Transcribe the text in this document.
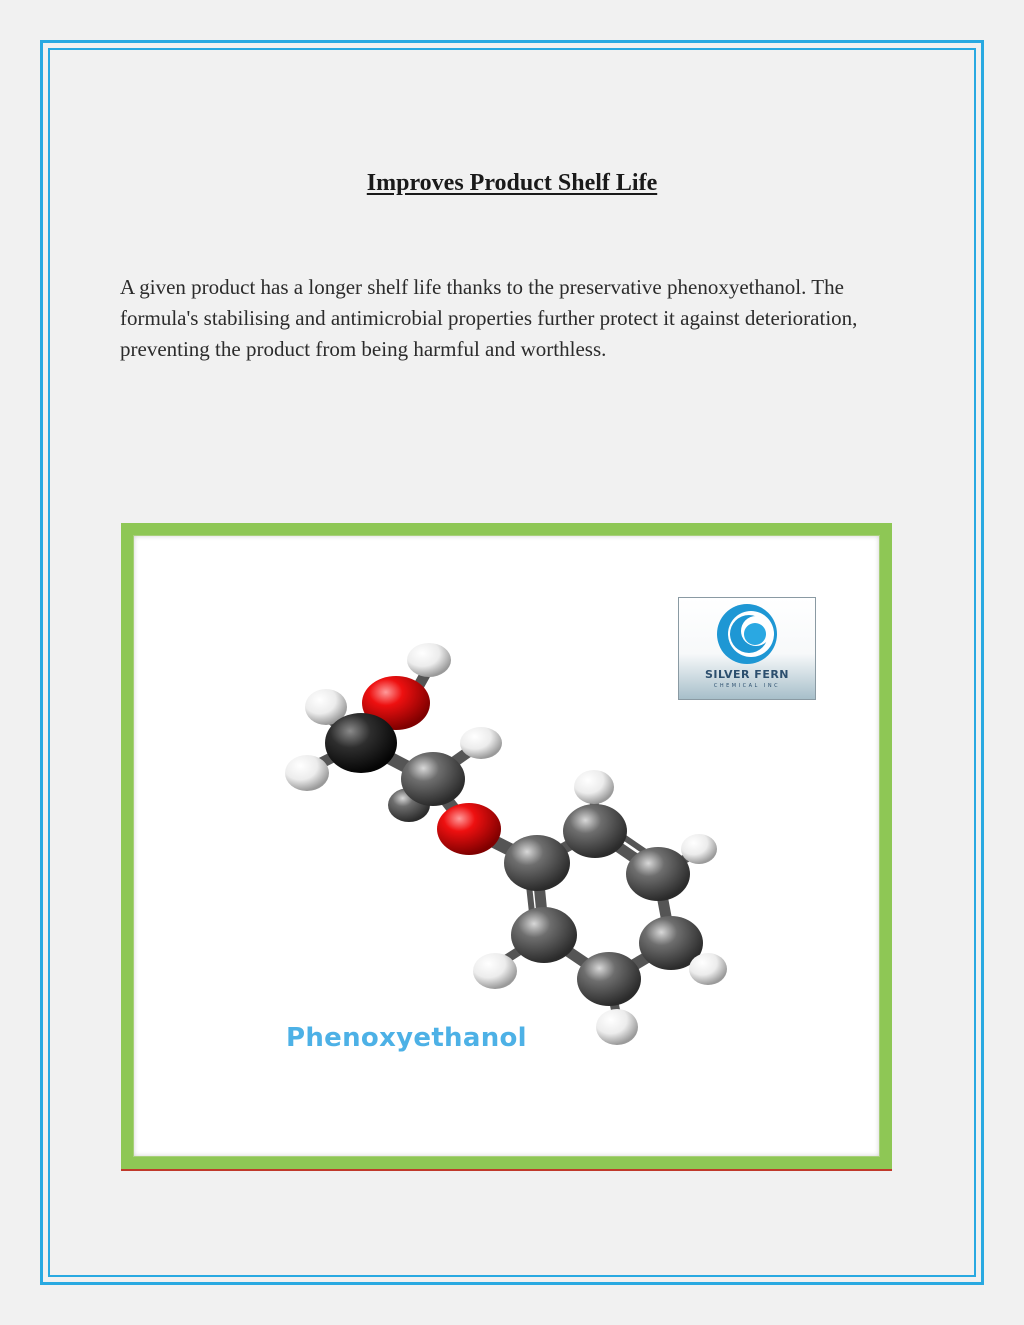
Improves Product Shelf Life
A given product has a longer shelf life thanks to the preservative phenoxyethanol. The
formula's stabilising and antimicrobial properties further protect it against deterioration,
preventing the product from being harmful and worthless.
SILVER FERN
CHEMICAL INC
Phenoxyethanol
